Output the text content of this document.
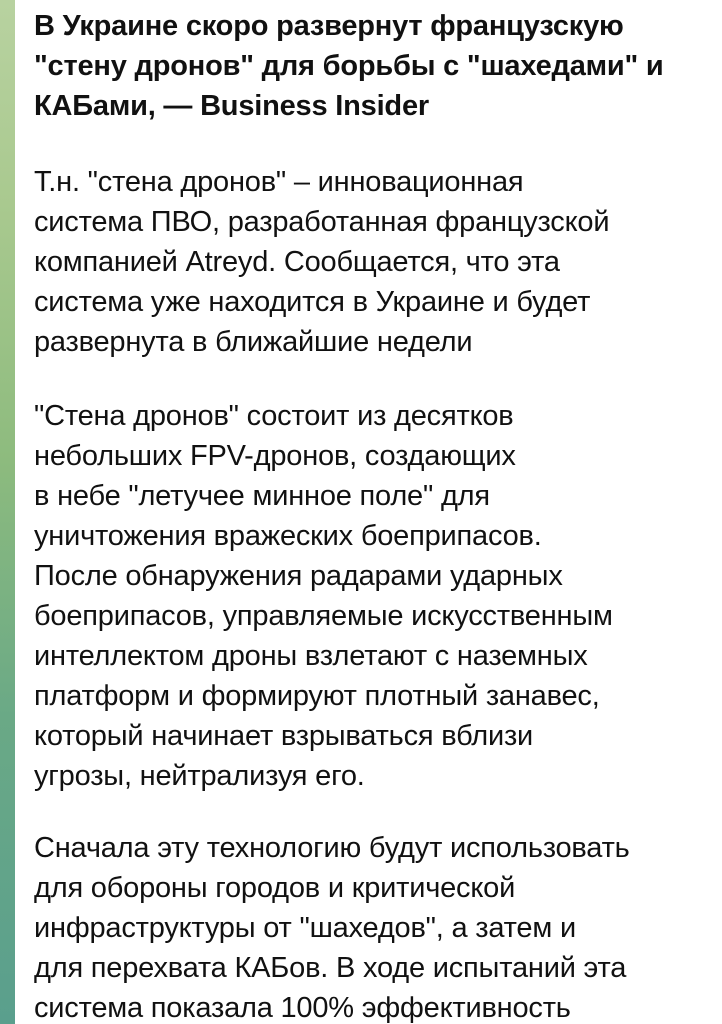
В Украине скоро развернут французскую
"стену дронов" для борьбы с "шахедами" и
КАБами, — Business Insider

Т.н. "стена дронов" – инновационная
система ПВО, разработанная французской
компанией Atreyd. Сообщается, что эта
система уже находится в Украине и будет
развернута в ближайшие недели

"Стена дронов" состоит из десятков
небольших FPV-дронов, создающих
в небе "летучее минное поле" для
уничтожения вражеских боеприпасов.
После обнаружения радарами ударных
боеприпасов, управляемые искусственным
интеллектом дроны взлетают с наземных
платформ и формируют плотный занавес,
который начинает взрываться вблизи
угрозы, нейтрализуя его.

Сначала эту технологию будут использовать
для обороны городов и критической
инфраструктуры от "шахедов", а затем и
для перехвата КАБов. В ходе испытаний эта
система показала 100% эффективность
